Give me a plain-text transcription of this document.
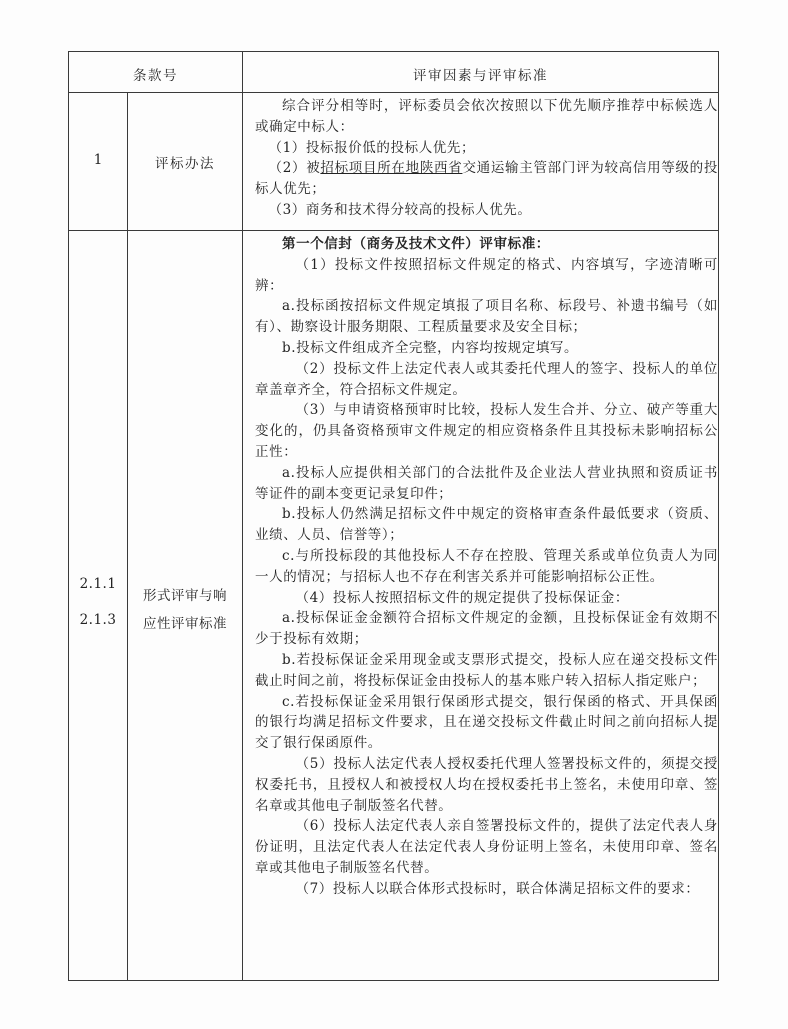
条款号	评审因素与评审标准
1	评标办法

综合评分相等时，评标委员会依次按照以下优先顺序推荐中标候选人或确定中标人：

（1）投标报价低的投标人优先；

（2）被招标项目所在地陕西省交通运输主管部门评为较高信用等级的投标人优先；

（3）商务和技术得分较高的投标人优先。

2.1.1
2.1.3
形式评审与响
应性评审标准

第一个信封（商务及技术文件）评审标准：

（1）投标文件按照招标文件规定的格式、内容填写，字迹清晰可辨：

a.投标函按招标文件规定填报了项目名称、标段号、补遗书编号（如有）、勘察设计服务期限、工程质量要求及安全目标；

b.投标文件组成齐全完整，内容均按规定填写。

（2）投标文件上法定代表人或其委托代理人的签字、投标人的单位章盖章齐全，符合招标文件规定。

（3）与申请资格预审时比较，投标人发生合并、分立、破产等重大变化的，仍具备资格预审文件规定的相应资格条件且其投标未影响招标公正性：

a.投标人应提供相关部门的合法批件及企业法人营业执照和资质证书等证件的副本变更记录复印件；

b.投标人仍然满足招标文件中规定的资格审查条件最低要求（资质、业绩、人员、信誉等）；

c.与所投标段的其他投标人不存在控股、管理关系或单位负责人为同一人的情况；与招标人也不存在利害关系并可能影响招标公正性。

（4）投标人按照招标文件的规定提供了投标保证金：

a.投标保证金金额符合招标文件规定的金额，且投标保证金有效期不少于投标有效期；

b.若投标保证金采用现金或支票形式提交，投标人应在递交投标文件截止时间之前，将投标保证金由投标人的基本账户转入招标人指定账户；

c.若投标保证金采用银行保函形式提交，银行保函的格式、开具保函的银行均满足招标文件要求，且在递交投标文件截止时间之前向招标人提交了银行保函原件。

（5）投标人法定代表人授权委托代理人签署投标文件的，须提交授权委托书，且授权人和被授权人均在授权委托书上签名，未使用印章、签名章或其他电子制版签名代替。

（6）投标人法定代表人亲自签署投标文件的，提供了法定代表人身份证明，且法定代表人在法定代表人身份证明上签名，未使用印章、签名章或其他电子制版签名代替。

（7）投标人以联合体形式投标时，联合体满足招标文件的要求：
